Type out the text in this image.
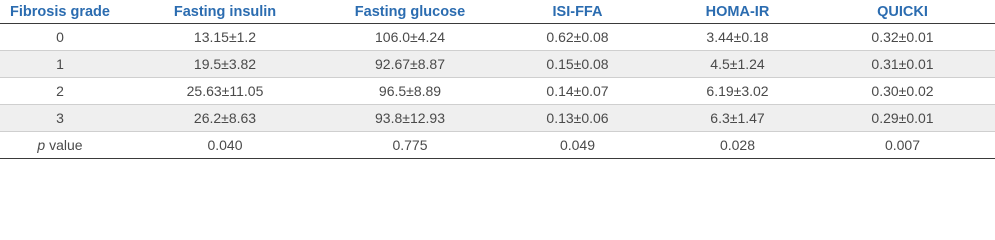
Fibrosis grade	Fasting insulin	Fasting glucose	ISI-FFA	HOMA-IR	QUICKI
0	13.15±1.2	106.0±4.24	0.62±0.08	3.44±0.18	0.32±0.01
1	19.5±3.82	92.67±8.87	0.15±0.08	4.5±1.24	0.31±0.01
2	25.63±11.05	96.5±8.89	0.14±0.07	6.19±3.02	0.30±0.02
3	26.2±8.63	93.8±12.93	0.13±0.06	6.3±1.47	0.29±0.01
p value	0.040	0.775	0.049	0.028	0.007
